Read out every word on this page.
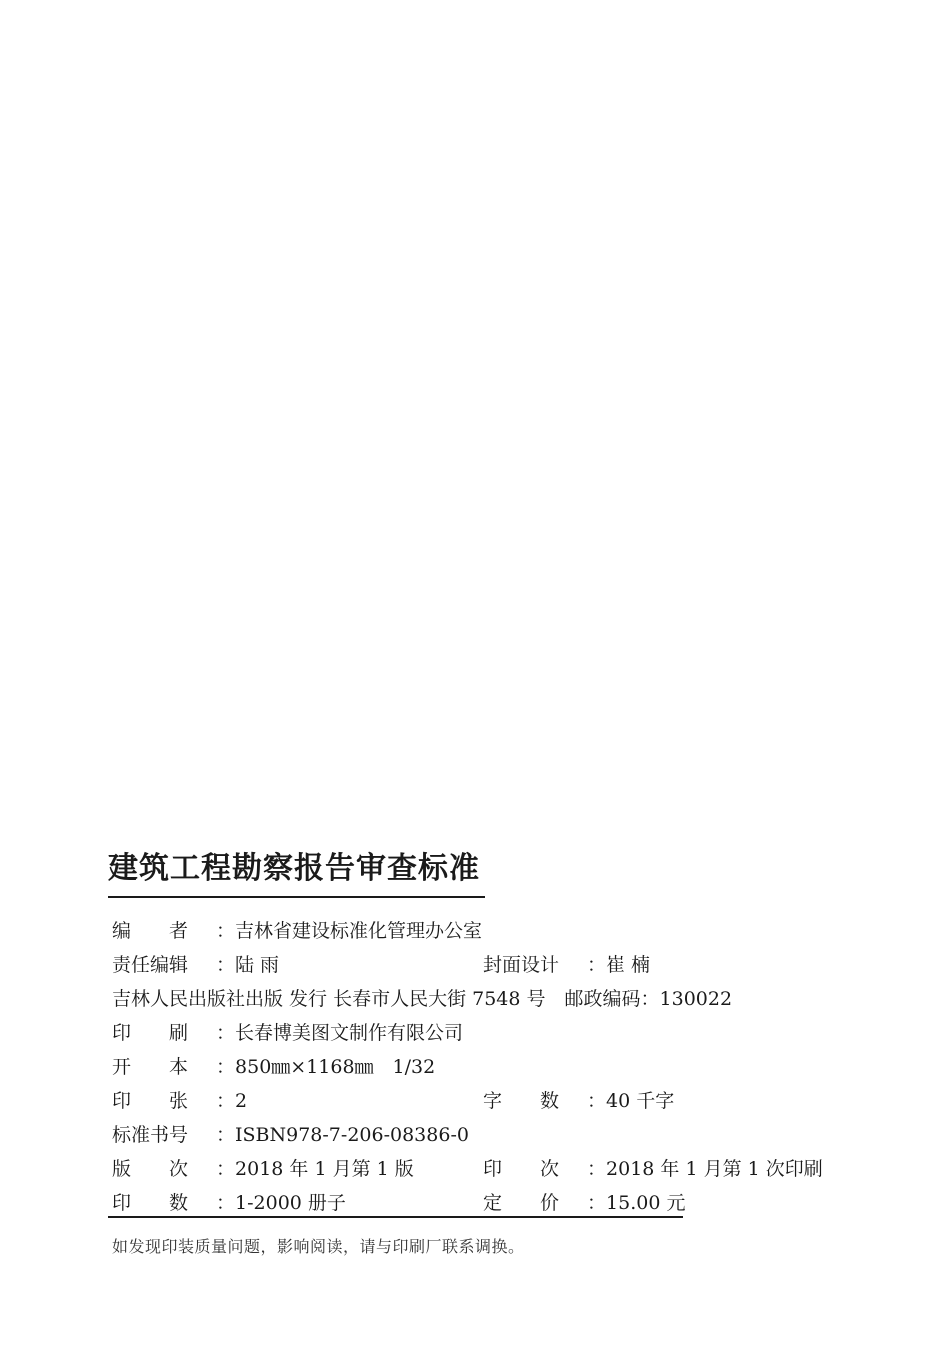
建筑工程勘察报告审查标准
编　　者 ：吉林省建设标准化管理办公室
责任编辑 ：陆 雨	封面设计 ：崔 楠
吉林人民出版社出版 发行 长春市人民大街 7548 号　邮政编码：130022
印　　刷 ：长春博美图文制作有限公司
开　　本 ：850㎜×1168㎜　1/32
印　　张 ：2	字　　数 ：40 千字
标准书号 ：ISBN978-7-206-08386-0
版　　次 ：2018 年 1 月第 1 版	印　　次 ：2018 年 1 月第 1 次印刷
印　　数 ：1-2000 册子	定　　价 ：15.00 元
如发现印装质量问题，影响阅读，请与印刷厂联系调换。
